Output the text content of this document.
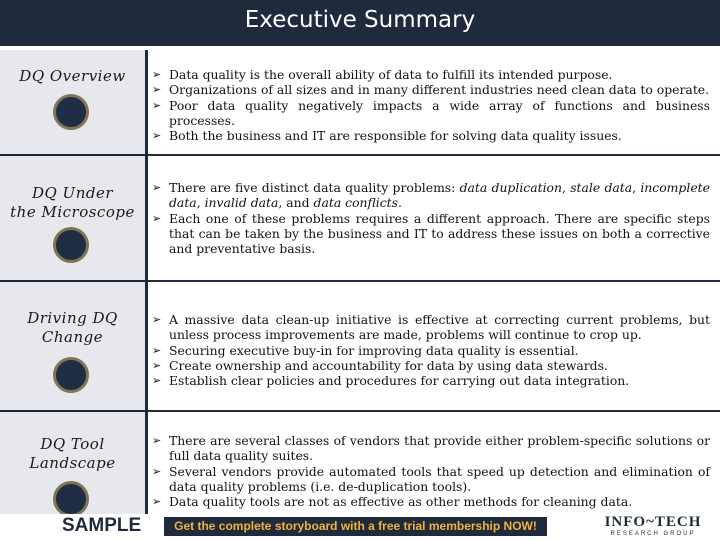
Executive Summary
DQ Overview
➢	Data quality is the overall ability of data to fulfill its intended purpose.
➢ Organizations of all sizes and in many different industries need clean data to operate.
➢ Poor data quality negatively impacts a wide array of functions and business processes.
➢ Both the business and IT are responsible for solving data quality issues.
DQ Under
the Microscope
➢ There are five distinct data quality problems: data duplication, stale data, incomplete data, invalid data, and data conflicts.
➢ Each one of these problems requires a different approach. There are specific steps that can be taken by the business and IT to address these issues on both a corrective and preventative basis.
Driving DQ
Change
➢ A massive data clean-up initiative is effective at correcting current problems, but unless process improvements are made, problems will continue to crop up.
➢ Securing executive buy-in for improving data quality is essential.
➢ Create ownership and accountability for data by using data stewards.
➢ Establish clear policies and procedures for carrying out data integration.
DQ Tool
Landscape
➢ There are several classes of vendors that provide either problem-specific solutions or full data quality suites.
➢ Several vendors provide automated tools that speed up detection and elimination of data quality problems (i.e. de-duplication tools).
➢ Data quality tools are not as effective as other methods for cleaning data.
SAMPLE	Get the complete storyboard with a free trial membership NOW!	INFO~TECH
RESEARCH GROUP
